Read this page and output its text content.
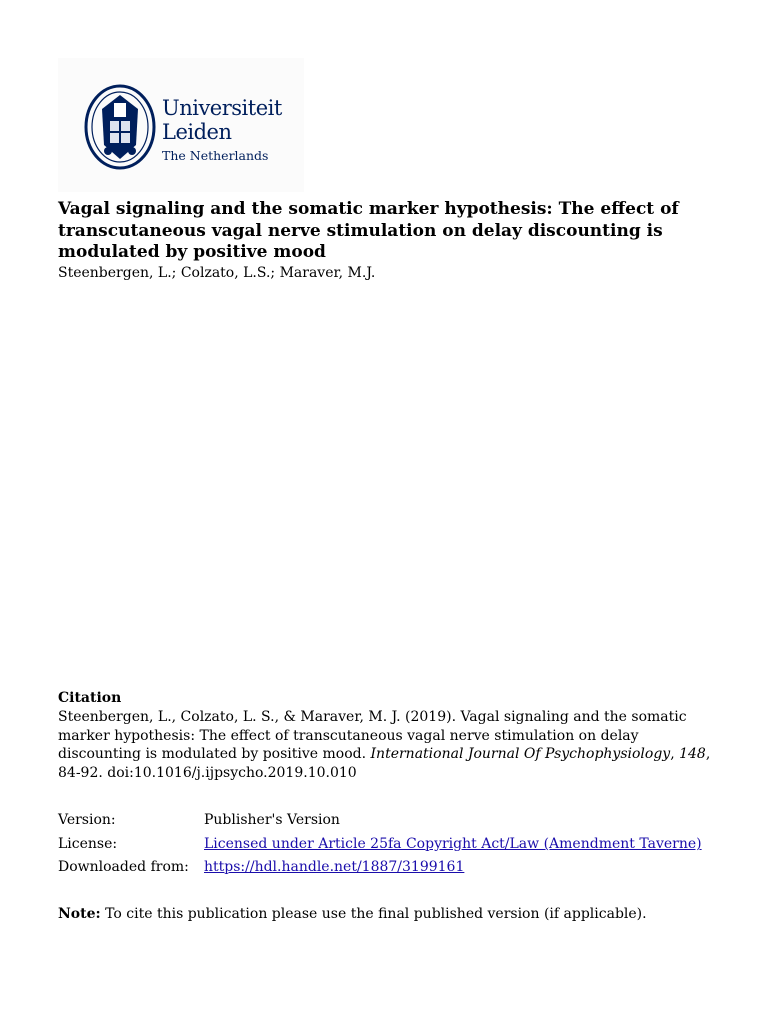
Universiteit
Leiden
The Netherlands
Vagal signaling and the somatic marker hypothesis: The effect of transcutaneous vagal nerve stimulation on delay discounting is modulated by positive mood
Steenbergen, L.; Colzato, L.S.; Maraver, M.J.
Citation
Steenbergen, L., Colzato, L. S., & Maraver, M. J. (2019). Vagal signaling and the somatic marker hypothesis: The effect of transcutaneous vagal nerve stimulation on delay discounting is modulated by positive mood. International Journal Of Psychophysiology, 148, 84-92. doi:10.1016/j.ijpsycho.2019.10.010
Version:	Publisher's Version
License:	Licensed under Article 25fa Copyright Act/Law (Amendment Taverne)
Downloaded from: https://hdl.handle.net/1887/3199161
Note: To cite this publication please use the final published version (if applicable).
